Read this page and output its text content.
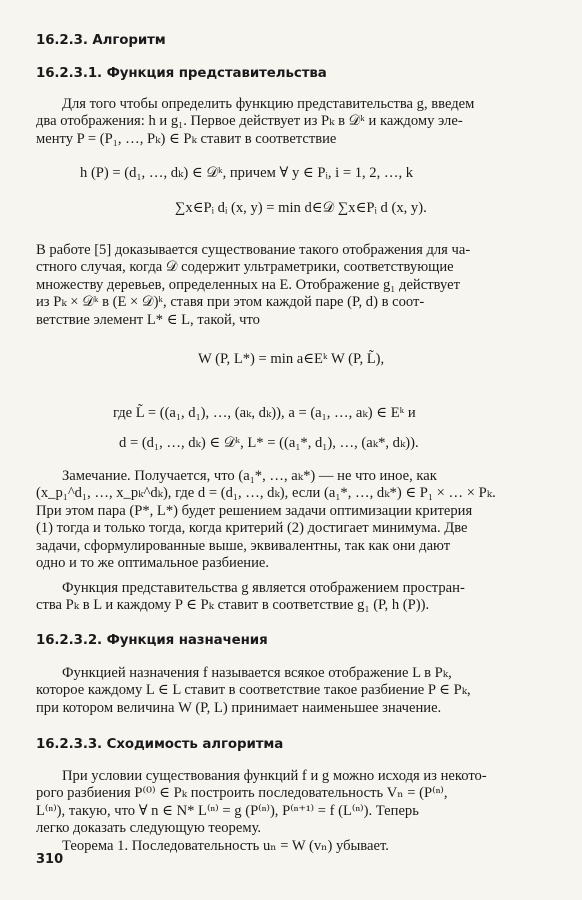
16.2.3. Алгоритм
16.2.3.1. Функция представительства
Для того чтобы определить функцию представительства g, введем
два отображения: h и g₁. Первое действует из Pₖ в 𝒟ᵏ и каждому эле-
менту P = (P₁, …, Pₖ) ∈ Pₖ ставит в соответствие
h (P) = (d₁, …, dₖ) ∈ 𝒟ᵏ, причем ∀ y ∈ Pᵢ, i = 1, 2, …, k
∑x∈Pᵢ dᵢ (x, y) = min d∈𝒟 ∑x∈Pᵢ d (x, y).
В работе [5] доказывается существование такого отображения для ча-
стного случая, когда 𝒟 содержит ультраметрики, соответствующие
множеству деревьев, определенных на E. Отображение g₁ действует
из Pₖ × 𝒟ᵏ в (E × 𝒟)ᵏ, ставя при этом каждой паре (P, d) в соот-
ветствие элемент L* ∈ L, такой, что
W (P, L*) = min a∈Eᵏ W (P, L̃),
где L̃ = ((a₁, d₁), …, (aₖ, dₖ)), a = (a₁, …, aₖ) ∈ Eᵏ и
d = (d₁, …, dₖ) ∈ 𝒟ᵏ, L* = ((a₁*, d₁), …, (aₖ*, dₖ)).
Замечание. Получается, что (a₁*, …, aₖ*) — не что иное, как
(x_p₁^d₁, …, x_pₖ^dₖ), где d = (d₁, …, dₖ), если (a₁*, …, dₖ*) ∈ P₁ × … × Pₖ.
При этом пара (P*, L*) будет решением задачи оптимизации критерия
(1) тогда и только тогда, когда критерий (2) достигает минимума. Две
задачи, сформулированные выше, эквивалентны, так как они дают
одно и то же оптимальное разбиение.
Функция представительства g является отображением простран-
ства Pₖ в L и каждому P ∈ Pₖ ставит в соответствие g₁ (P, h (P)).
16.2.3.2. Функция назначения
Функцией назначения f называется всякое отображение L в Pₖ,
которое каждому L ∈ L ставит в соответствие такое разбиение P ∈ Pₖ,
при котором величина W (P, L) принимает наименьшее значение.
16.2.3.3. Сходимость алгоритма
При условии существования функций f и g можно исходя из некото-
рого разбиения P⁽⁰⁾ ∈ Pₖ построить последовательность Vₙ = (P⁽ⁿ⁾,
L⁽ⁿ⁾), такую, что ∀ n ∈ N* L⁽ⁿ⁾ = g (P⁽ⁿ⁾), P⁽ⁿ⁺¹⁾ = f (L⁽ⁿ⁾). Теперь
легко доказать следующую теорему.
Теорема 1. Последовательность uₙ = W (vₙ) убывает.
310
